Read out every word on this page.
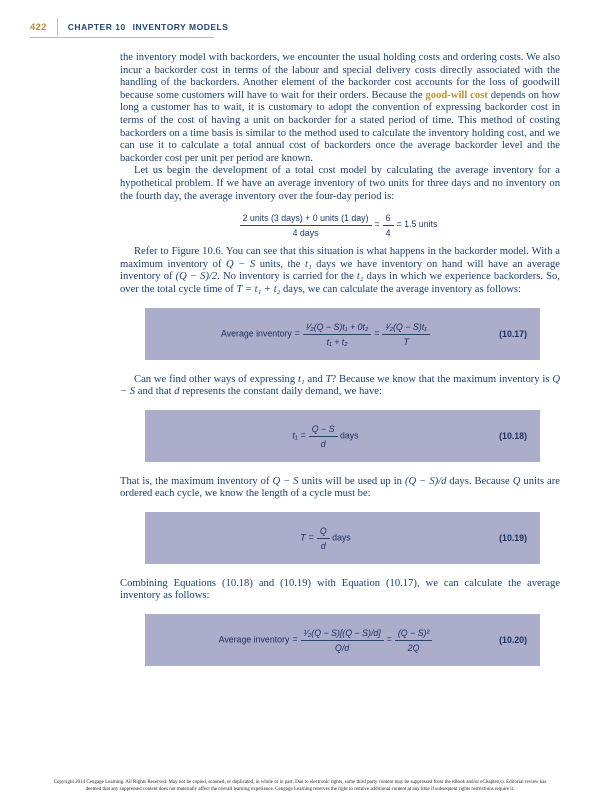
422 CHAPTER 10 INVENTORY MODELS

the inventory model with backorders, we encounter the usual holding costs and ordering costs. We also incur a backorder cost in terms of the labour and special delivery costs directly associated with the handling of the backorders. Another element of the backorder cost accounts for the loss of goodwill because some customers will have to wait for their orders. Because the good-will cost depends on how long a customer has to wait, it is customary to adopt the convention of expressing backorder cost in terms of the cost of having a unit on backorder for a stated period of time. This method of costing backorders on a time basis is similar to the method used to calculate the inventory holding cost, and we can use it to calculate a total annual cost of backorders once the average backorder level and the backorder cost per unit per period are known.

Let us begin the development of a total cost model by calculating the average inventory for a hypothetical problem. If we have an average inventory of two units for three days and no inventory on the fourth day, the average inventory over the four-day period is:

$\frac{\text{2 units (3 days) + 0 units (1 day)}}{\text{4 days}} = \frac{6}{4} = 1.5$ units

Refer to Figure 10.6. You can see that this situation is what happens in the backorder model. With a maximum inventory of Q − S units, the t₁ days we have inventory on hand will have an average inventory of (Q − S)/2. No inventory is carried for the t₂ days in which we experience backorders. So, over the total cycle time of T = t₁ + t₂ days, we can calculate the average inventory as follows:

Average inventory = $\frac{\text{¹⁄₂(Q − S)t₁ + 0t₂}}{\text{t₁ + t₂}} = \frac{\text{¹⁄₂(Q − S)t₁}}{T}$	(10.17)

Can we find other ways of expressing t₁ and T? Because we know that the maximum inventory is Q − S and that d represents the constant daily demand, we have:

$t_1 = \frac{Q - S}{d}$ days	(10.18)

That is, the maximum inventory of Q − S units will be used up in (Q − S)/d days. Because Q units are ordered each cycle, we know the length of a cycle must be:

$T = \frac{Q}{d}$ days	(10.19)

Combining Equations (10.18) and (10.19) with Equation (10.17), we can calculate the average inventory as follows:

Average inventory = $\frac{\text{¹⁄₂(Q − S)[(Q − S)/d]}}{Q/d} = \frac{\text{(Q − S)²}}{2Q}$	(10.20)
Copyright 2014 Cengage Learning. All Rights Reserved. May not be copied, scanned, or duplicated, in whole or in part. Due to electronic rights, some third party content may be suppressed from the eBook and/or eChapter(s). Editorial review has
deemed that any suppressed content does not materially affect the overall learning experience. Cengage Learning reserves the right to remove additional content at any time if subsequent rights restrictions require it.
